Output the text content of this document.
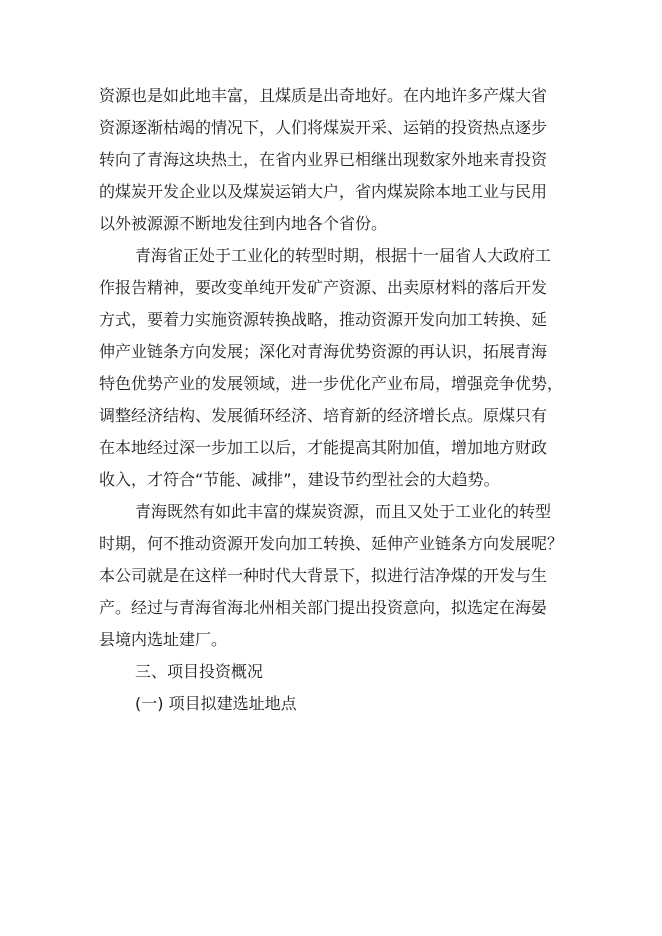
资源也是如此地丰富，且煤质是出奇地好。在内地许多产煤大省
资源逐渐枯竭的情况下，人们将煤炭开采、运销的投资热点逐步
转向了青海这块热土，在省内业界已相继出现数家外地来青投资
的煤炭开发企业以及煤炭运销大户，省内煤炭除本地工业与民用
以外被源源不断地发往到内地各个省份。
青海省正处于工业化的转型时期，根据十一届省人大政府工
作报告精神，要改变单纯开发矿产资源、出卖原材料的落后开发
方式，要着力实施资源转换战略，推动资源开发向加工转换、延
伸产业链条方向发展；深化对青海优势资源的再认识，拓展青海
特色优势产业的发展领域，进一步优化产业布局，增强竞争优势，
调整经济结构、发展循环经济、培育新的经济增长点。原煤只有
在本地经过深一步加工以后，才能提高其附加值，增加地方财政
收入，才符合“节能、减排”，建设节约型社会的大趋势。
青海既然有如此丰富的煤炭资源，而且又处于工业化的转型
时期，何不推动资源开发向加工转换、延伸产业链条方向发展呢？
本公司就是在这样一种时代大背景下，拟进行洁净煤的开发与生
产。经过与青海省海北州相关部门提出投资意向，拟选定在海晏
县境内选址建厂。
三、项目投资概况
(一) 项目拟建选址地点
